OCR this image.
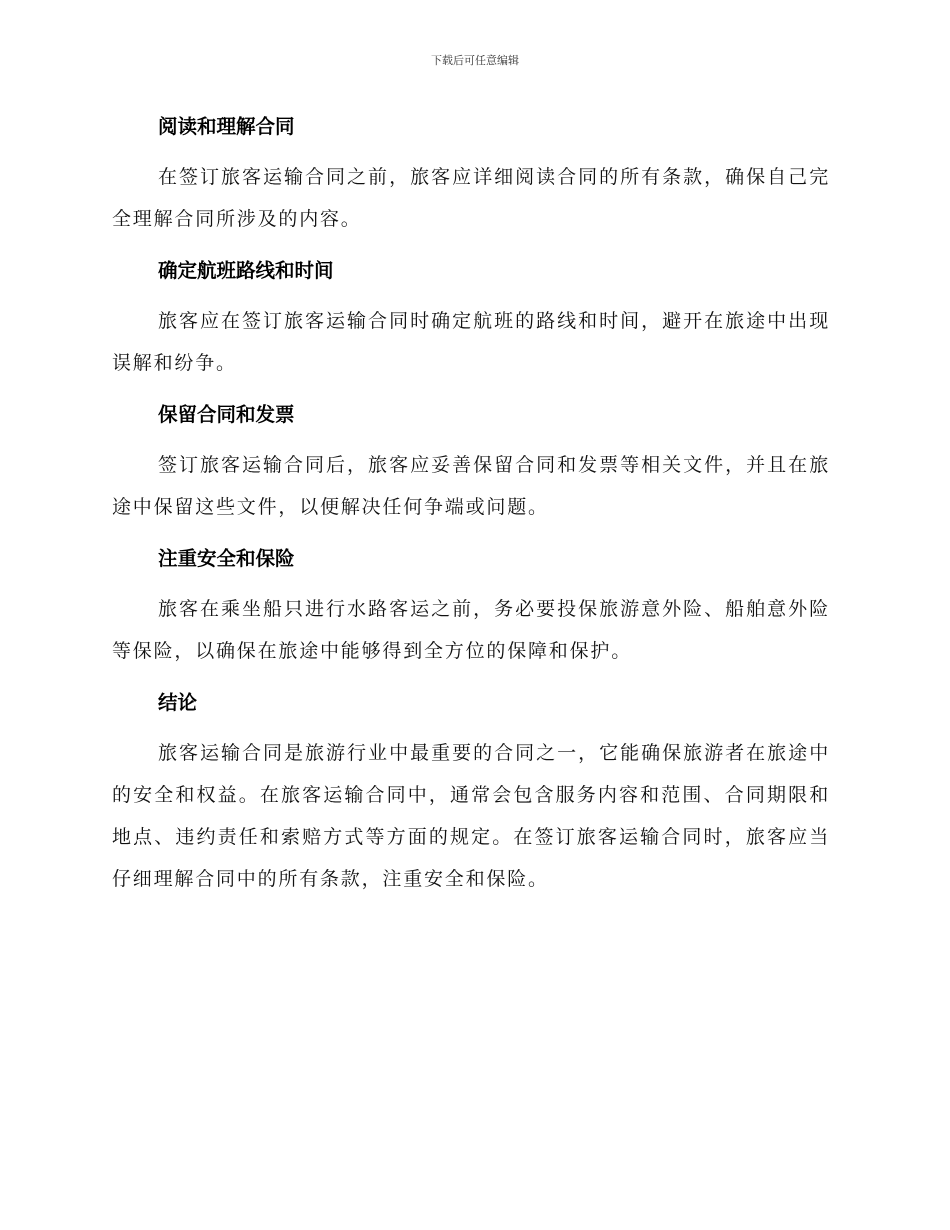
下载后可任意编辑
阅读和理解合同

在签订旅客运输合同之前，旅客应详细阅读合同的所有条款，确保自己完全理解合同所涉及的内容。

确定航班路线和时间

旅客应在签订旅客运输合同时确定航班的路线和时间，避开在旅途中出现误解和纷争。

保留合同和发票

签订旅客运输合同后，旅客应妥善保留合同和发票等相关文件，并且在旅途中保留这些文件，以便解决任何争端或问题。

注重安全和保险

旅客在乘坐船只进行水路客运之前，务必要投保旅游意外险、船舶意外险等保险，以确保在旅途中能够得到全方位的保障和保护。

结论

旅客运输合同是旅游行业中最重要的合同之一，它能确保旅游者在旅途中的安全和权益。在旅客运输合同中，通常会包含服务内容和范围、合同期限和地点、违约责任和索赔方式等方面的规定。在签订旅客运输合同时，旅客应当仔细理解合同中的所有条款，注重安全和保险。
